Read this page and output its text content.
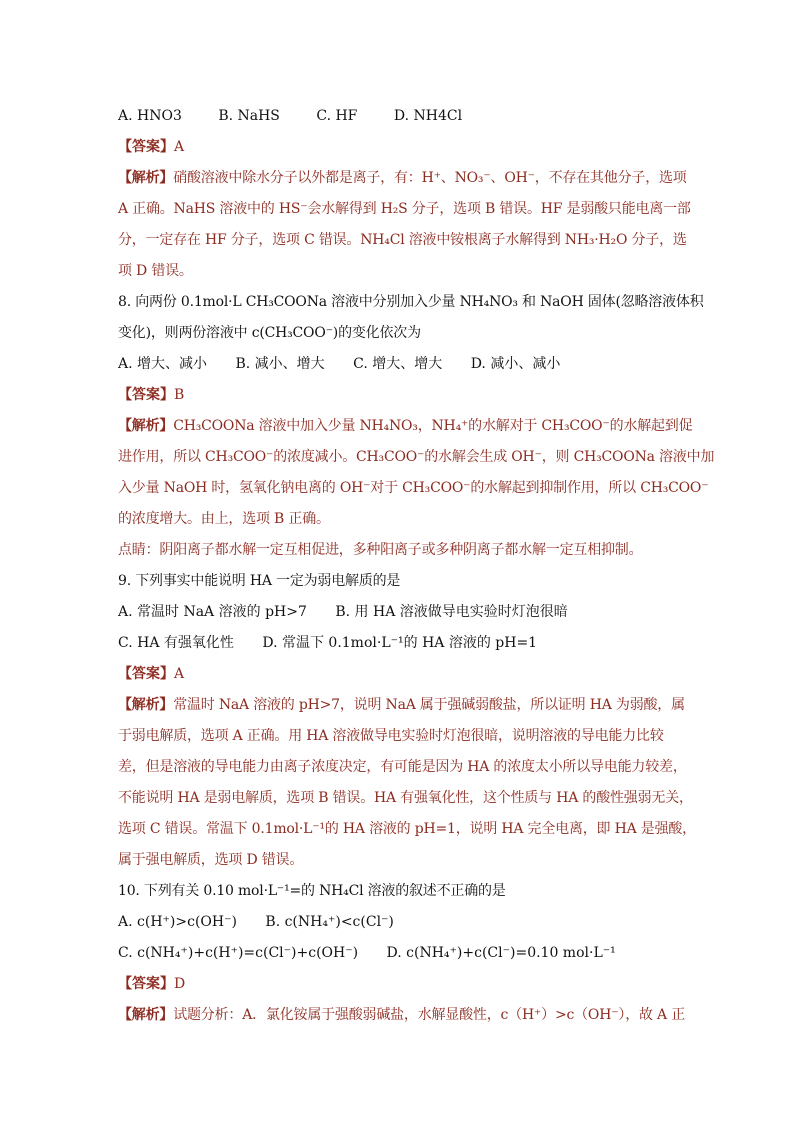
A. HNO3	B. NaHS	C. HF	D. NH4Cl
【答案】A
【解析】硝酸溶液中除水分子以外都是离子，有：H⁺、NO₃⁻、OH⁻，不存在其他分子，选项
A 正确。NaHS 溶液中的 HS⁻会水解得到 H₂S 分子，选项 B 错误。HF 是弱酸只能电离一部
分，一定存在 HF 分子，选项 C 错误。NH₄Cl 溶液中铵根离子水解得到 NH₃·H₂O 分子，选
项 D 错误。
8. 向两份 0.1mol·L CH₃COONa 溶液中分别加入少量 NH₄NO₃ 和 NaOH 固体(忽略溶液体积
变化)，则两份溶液中 c(CH₃COO⁻)的变化依次为
A. 增大、减小 B. 减小、增大 C. 增大、增大 D. 减小、减小
【答案】B
【解析】CH₃COONa 溶液中加入少量 NH₄NO₃，NH₄⁺的水解对于 CH₃COO⁻的水解起到促
进作用，所以 CH₃COO⁻的浓度减小。CH₃COO⁻的水解会生成 OH⁻，则 CH₃COONa 溶液中加
入少量 NaOH 时，氢氧化钠电离的 OH⁻对于 CH₃COO⁻的水解起到抑制作用，所以 CH₃COO⁻
的浓度增大。由上，选项 B 正确。
点睛：阴阳离子都水解一定互相促进，多种阳离子或多种阴离子都水解一定互相抑制。
9. 下列事实中能说明 HA 一定为弱电解质的是
A. 常温时 NaA 溶液的 pH>7 B. 用 HA 溶液做导电实验时灯泡很暗
C. HA 有强氧化性 D. 常温下 0.1mol·L⁻¹的 HA 溶液的 pH=1
【答案】A
【解析】常温时 NaA 溶液的 pH>7，说明 NaA 属于强碱弱酸盐，所以证明 HA 为弱酸，属
于弱电解质，选项 A 正确。用 HA 溶液做导电实验时灯泡很暗，说明溶液的导电能力比较
差，但是溶液的导电能力由离子浓度决定，有可能是因为 HA 的浓度太小所以导电能力较差，
不能说明 HA 是弱电解质，选项 B 错误。HA 有强氧化性，这个性质与 HA 的酸性强弱无关，
选项 C 错误。常温下 0.1mol·L⁻¹的 HA 溶液的 pH=1，说明 HA 完全电离，即 HA 是强酸，
属于强电解质，选项 D 错误。
10. 下列有关 0.10 mol·L⁻¹=的 NH₄Cl 溶液的叙述不正确的是
A. c(H⁺)>c(OH⁻) B. c(NH₄⁺)<c(Cl⁻)
C. c(NH₄⁺)+c(H⁺)=c(Cl⁻)+c(OH⁻) D. c(NH₄⁺)+c(Cl⁻)=0.10 mol·L⁻¹
【答案】D
【解析】试题分析：A．氯化铵属于强酸弱碱盐，水解显酸性，c（H⁺）>c（OH⁻），故 A 正
